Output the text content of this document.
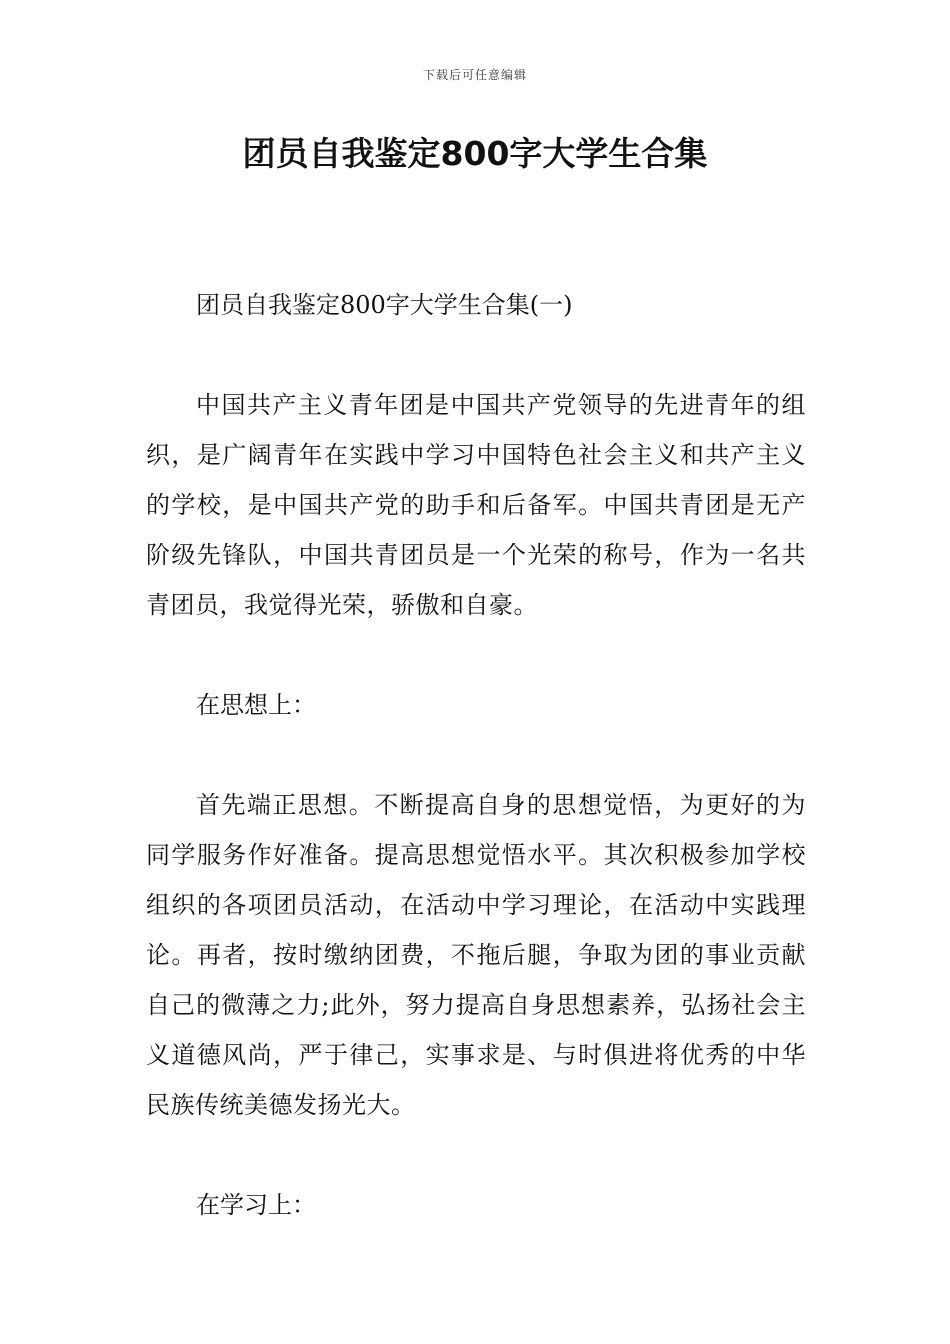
下载后可任意编辑
团员自我鉴定800字大学生合集

团员自我鉴定800字大学生合集(一)

中国共产主义青年团是中国共产党领导的先进青年的组织，是广阔青年在实践中学习中国特色社会主义和共产主义的学校，是中国共产党的助手和后备军。中国共青团是无产阶级先锋队，中国共青团员是一个光荣的称号，作为一名共青团员，我觉得光荣，骄傲和自豪。

在思想上：

首先端正思想。不断提高自身的思想觉悟，为更好的为同学服务作好准备。提高思想觉悟水平。其次积极参加学校组织的各项团员活动，在活动中学习理论，在活动中实践理论。再者，按时缴纳团费，不拖后腿，争取为团的事业贡献自己的微薄之力;此外，努力提高自身思想素养，弘扬社会主义道德风尚，严于律己，实事求是、与时俱进将优秀的中华民族传统美德发扬光大。

在学习上：
